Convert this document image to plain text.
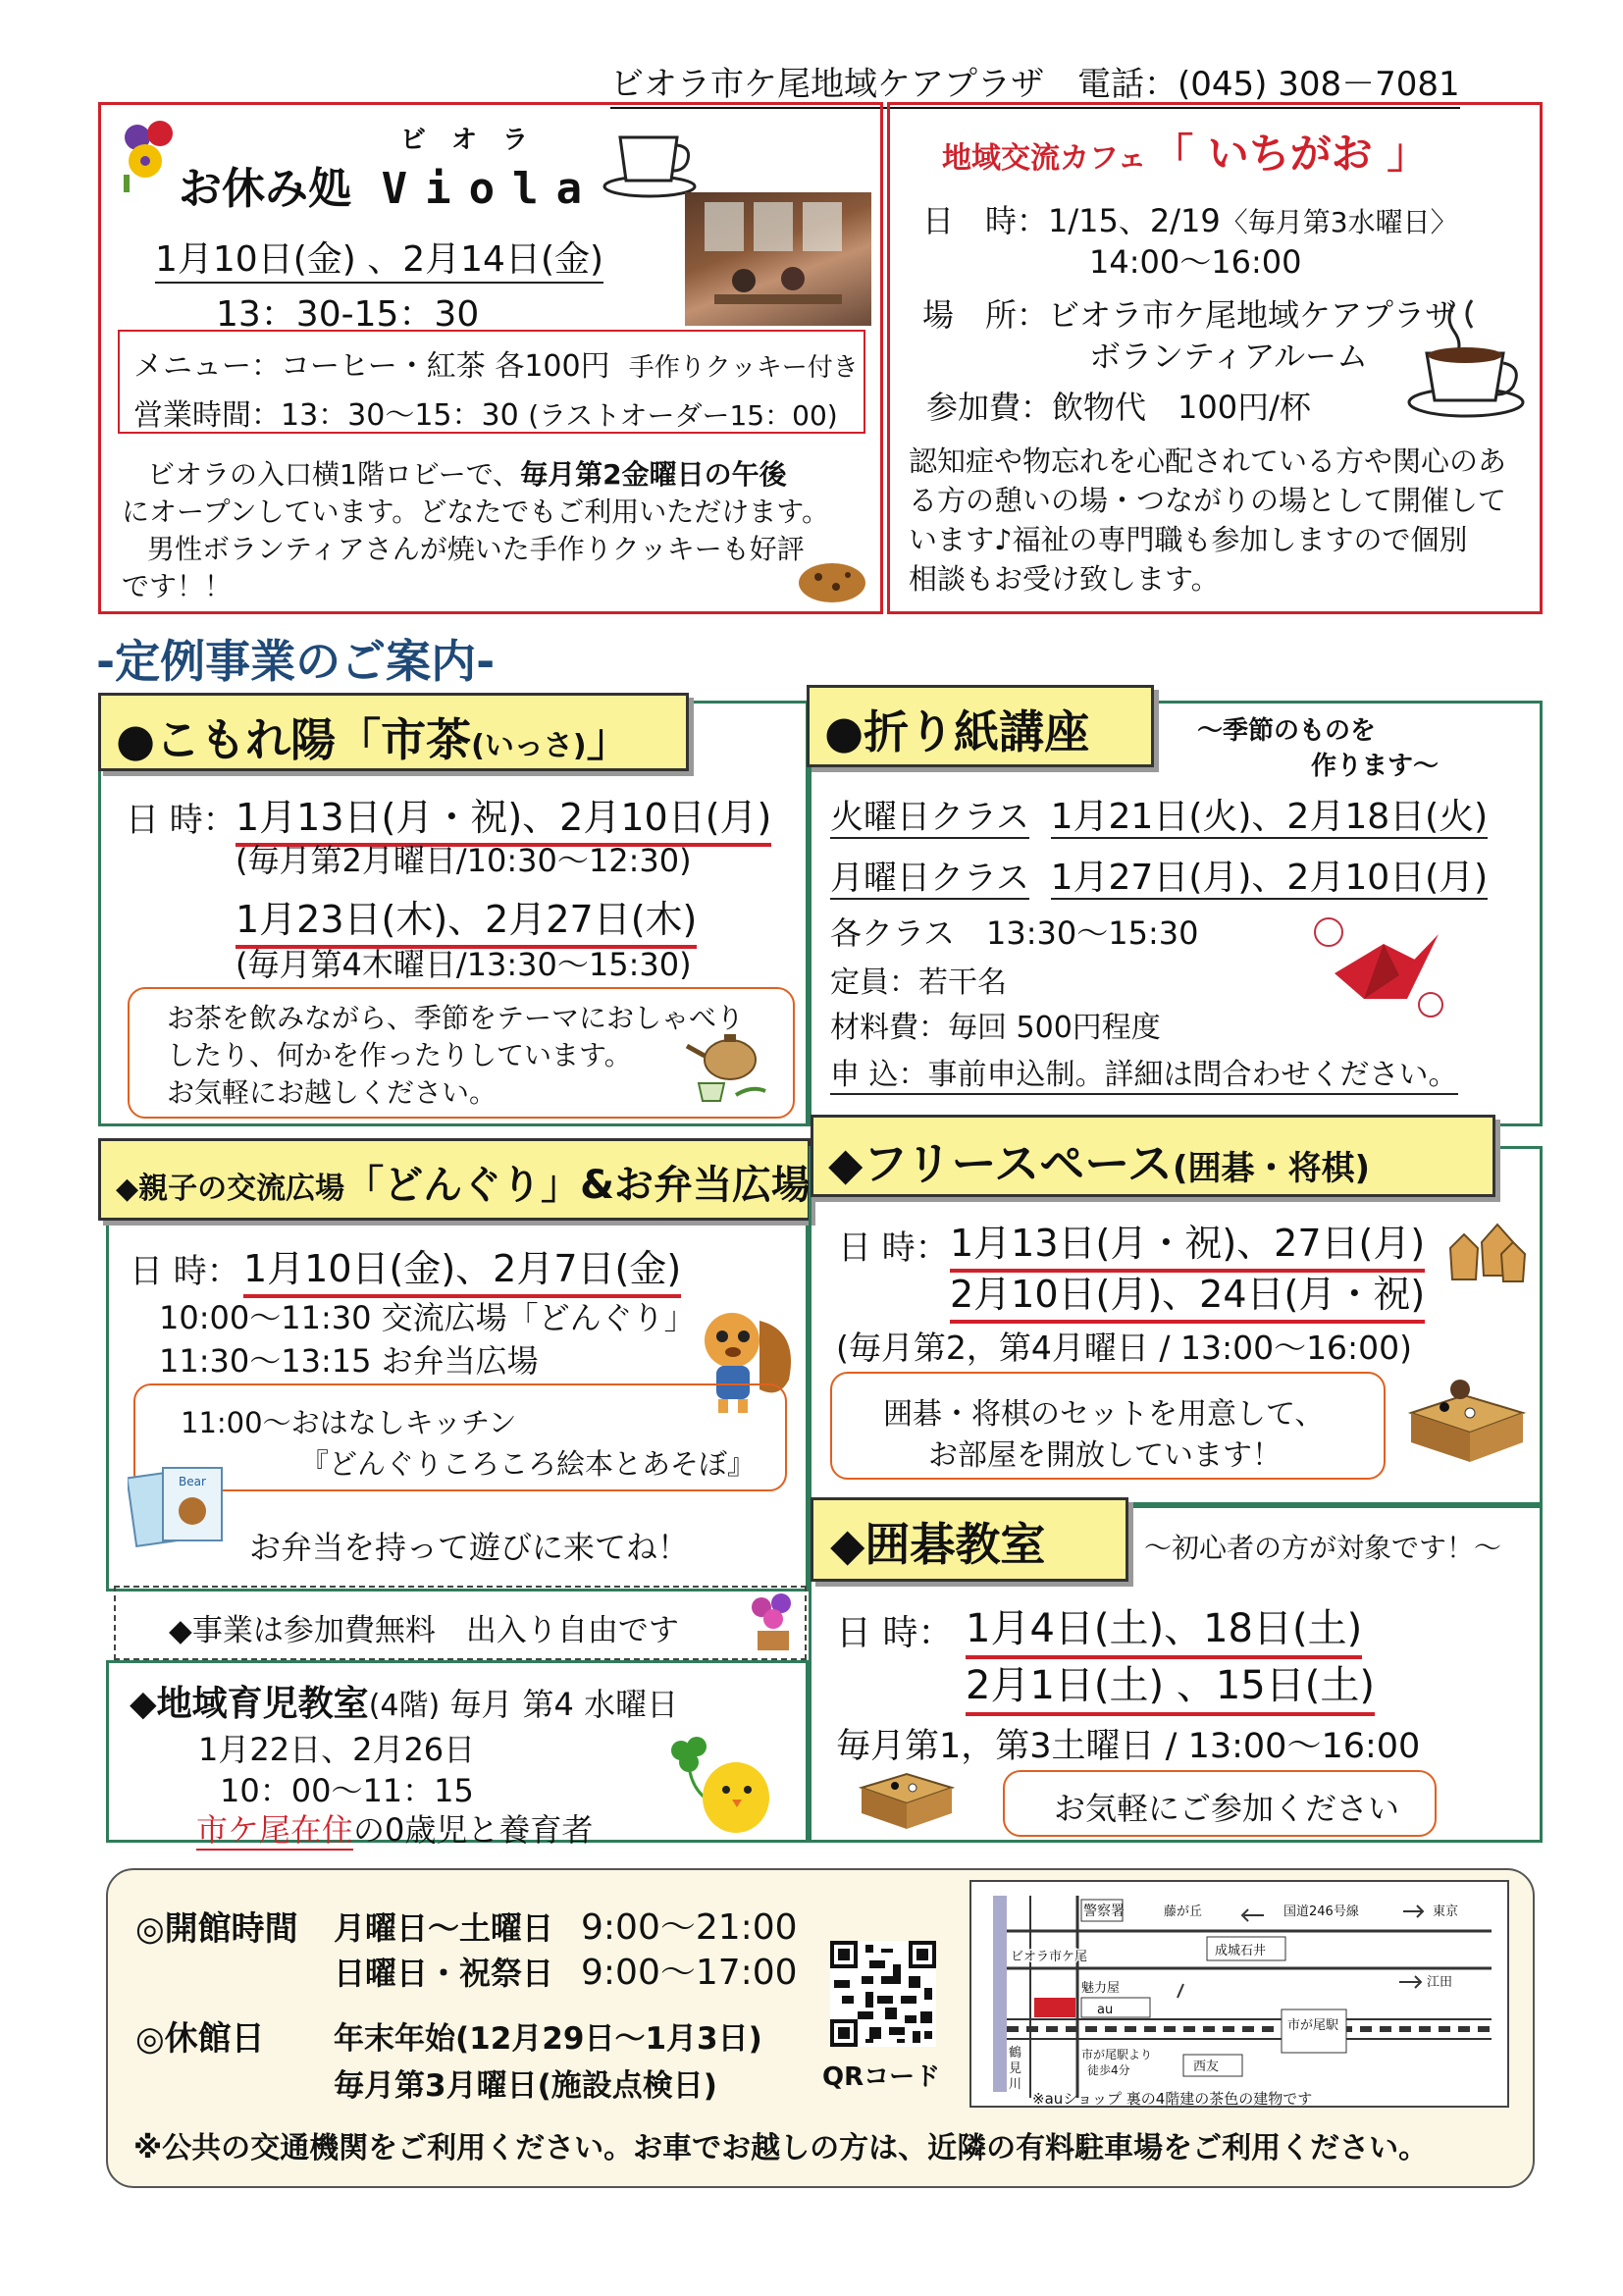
ビオラ市ケ尾地域ケアプラザ　電話：(045) 308－7081
ビ　オ　ラ
お休み処 Viola
1月10日(金) 、2月14日(金)
13：30-15：30
メニュー：コーヒー・紅茶 各100円 手作りクッキー付き
営業時間：13：30〜15：30 (ラストオーダー15：00)
ビオラの入口横1階ロビーで、毎月第2金曜日の午後
にオープンしています。どなたでもご利用いただけます。
男性ボランティアさんが焼いた手作りクッキーも好評
です！！
地域交流カフェ 「 いちがお 」
日　時：1/15、2/19〈毎月第3水曜日〉
14:00〜16:00
場　所：ビオラ市ケ尾地域ケアプラザ
ボランティアルーム
参加費：飲物代　100円/杯
認知症や物忘れを心配されている方や関心のあ
る方の憩いの場・つながりの場として開催して
います♪福祉の専門職も参加しますので個別
相談もお受け致します。
-定例事業のご案内-
●こもれ陽「市茶(いっさ)」
日 時： 1月13日(月・祝)、2月10日(月)
(毎月第2月曜日/10:30〜12:30)
1月23日(木)、2月27日(木)
(毎月第4木曜日/13:30〜15:30)
お茶を飲みながら、季節をテーマにおしゃべり
したり、何かを作ったりしています。
お気軽にお越しください。
●折り紙講座	〜季節のものを
作ります〜
火曜日クラス 1月21日(火)、2月18日(火)
月曜日クラス 1月27日(月)、2月10日(月)
各クラス　13:30〜15:30
定員：若干名
材料費：毎回 500円程度
申 込：事前申込制。詳細は問合わせください。
◆親子の交流広場「どんぐり」&お弁当広場
日 時： 1月10日(金)、2月7日(金)
10:00〜11:30 交流広場「どんぐり」
11:30〜13:15 お弁当広場
11:00〜おはなしキッチン
『どんぐりころころ絵本とあそぼ』
Bear
お弁当を持って遊びに来てね！
◆フリースペース(囲碁・将棋)
日 時： 1月13日(月・祝)、27日(月)
2月10日(月)、24日(月・祝)
(毎月第2，第4月曜日 / 13:00〜16:00)
囲碁・将棋のセットを用意して、
お部屋を開放しています！
◆事業は参加費無料　出入り自由です
◆地域育児教室(4階) 毎月 第4 水曜日
1月22日、2月26日
10：00〜11：15
市ケ尾在住の0歳児と養育者
◆囲碁教室	〜初心者の方が対象です！〜
日 時： 1月4日(土)、18日(土)
2月1日(土) 、15日(土)
毎月第1，第3土曜日 / 13:00〜16:00
お気軽にご参加ください
◎開館時間 月曜日〜土曜日 9:00〜21:00
日曜日・祝祭日 9:00〜17:00
◎休館日 年末年始(12月29日〜1月3日)
毎月第3月曜日(施設点検日)	QRコード
警察署	藤が丘	国道246号線	東京
成城石井
ビオラ市ケ尾
魅力屋
au
市が尾駅
江田
市が尾駅より
徒歩4分	西友
鶴
見
川
※auショップ 裏の4階建の茶色の建物です
※公共の交通機関をご利用ください。お車でお越しの方は、近隣の有料駐車場をご利用ください。
